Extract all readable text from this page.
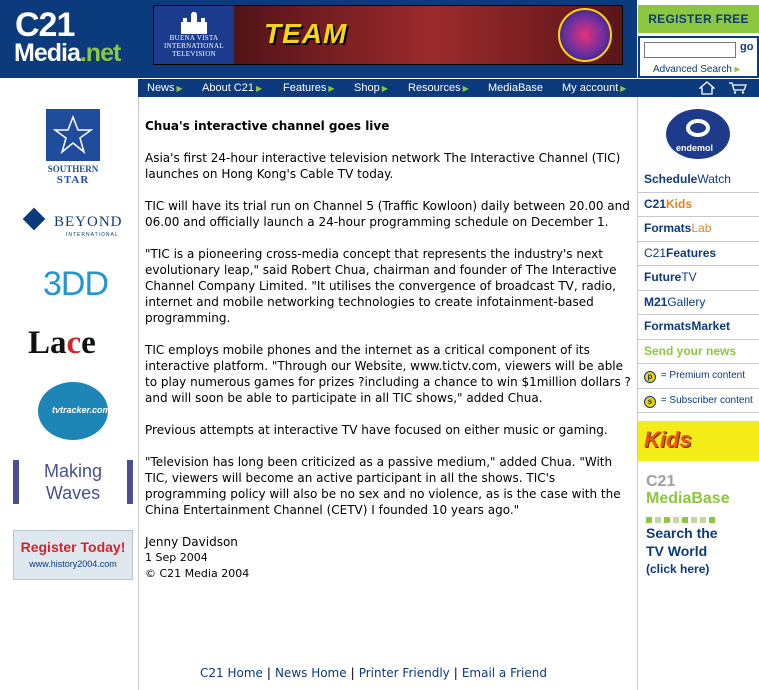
C21
Media.net
BUENA VISTA
INTERNATIONAL
TELEVISION
TEAM	REGISTER FREE
go
Advanced Search ▸
News ▶ About C21 ▶ Features ▶ Shop ▶ Resources ▶ MediaBase My account ▶
SOUTHERN
STAR
BEYOND
INTERNATIONAL
3DD
Lace
tvtracker.com
Making
Waves
Register Today!
www.history2004.com
Chua's interactive channel goes live
Asia's first 24-hour interactive television network The Interactive Channel (TIC) launches on Hong Kong's Cable TV today.
TIC will have its trial run on Channel 5 (Traffic Kowloon) daily between 20.00 and 06.00 and officially launch a 24-hour programming schedule on December 1.
"TIC is a pioneering cross-media concept that represents the industry's next evolutionary leap," said Robert Chua, chairman and founder of The Interactive Channel Company Limited. "It utilises the convergence of broadcast TV, radio, internet and mobile networking technologies to create infotainment-based programming.
TIC employs mobile phones and the internet as a critical component of its interactive platform. "Through our Website, www.tictv.com, viewers will be able to play numerous games for prizes ?including a chance to win $1million dollars ?and will soon be able to participate in all TIC shows," added Chua.
Previous attempts at interactive TV have focused on either music or gaming.
"Television has long been criticized as a passive medium," added Chua. "With TIC, viewers will become an active participant in all the shows. TIC's programming policy will also be no sex and no violence, as is the case with the China Entertainment Channel (CETV) I founded 10 years ago."
Jenny Davidson
1 Sep 2004
© C21 Media 2004
C21 Home | News Home | Printer Friendly | Email a Friend
endemol
ScheduleWatch
C21Kids
FormatsLab
C21Features
FutureTV
M21Gallery
FormatsMarket
Send your news
p = Premium content
s = Subscriber content
Kids
C21
MediaBase
Search the
TV World
(click here)
